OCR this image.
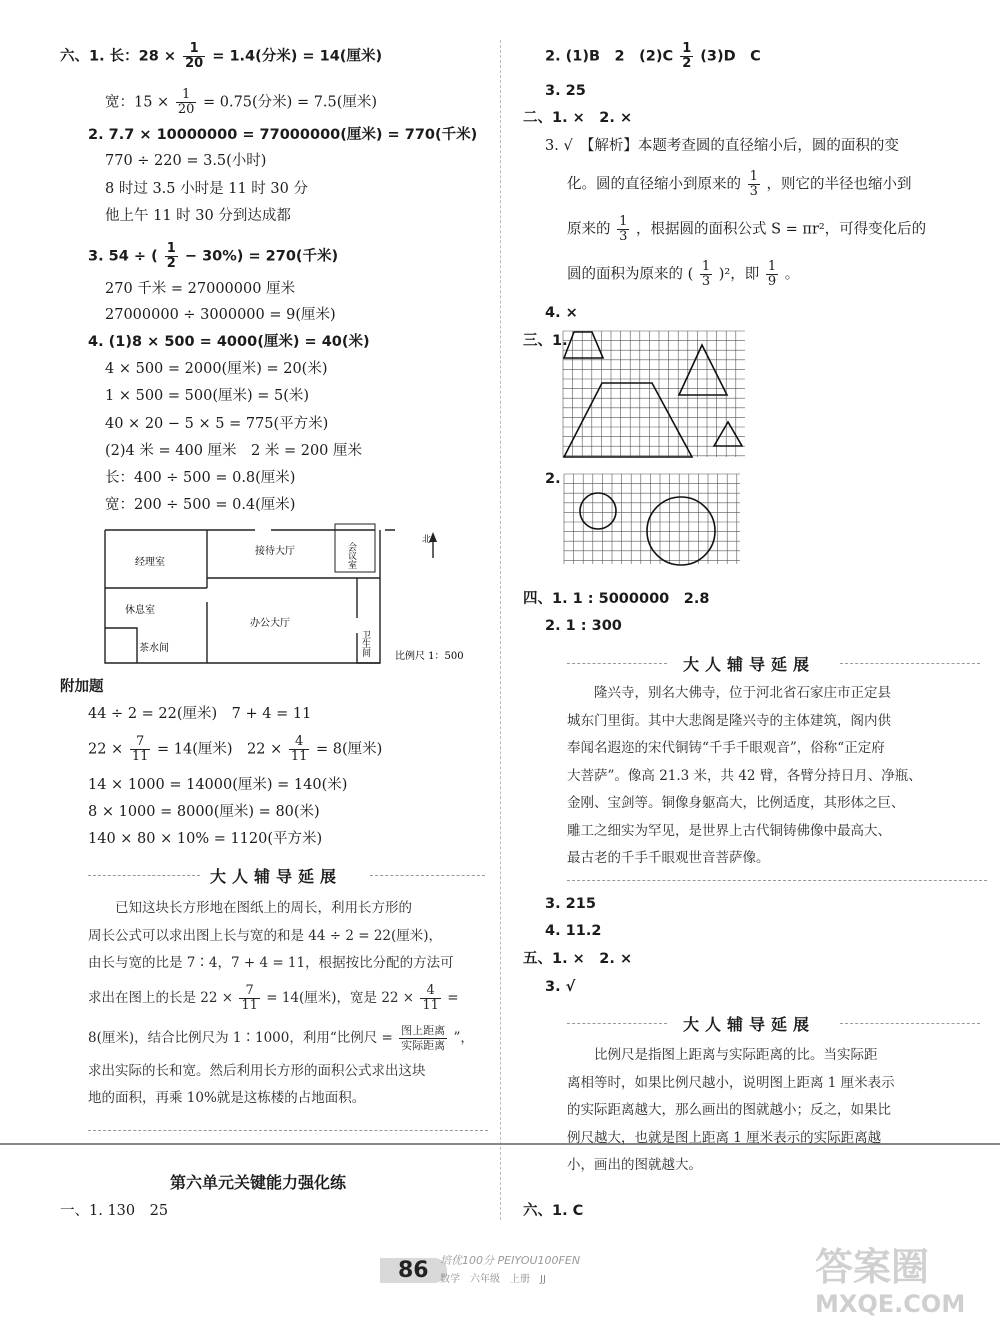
六、1. 长：$28 \times \frac{1}{20} = 1.4$(分米) = 14(厘米)
宽：$15 \times \frac{1}{20} = 0.75$(分米) = 7.5(厘米)
2. 7.7 × 10000000 = 77000000(厘米) = 770(千米)
770 ÷ 220 = 3.5(小时)
8 时过 3.5 小时是 11 时 30 分
他上午 11 时 30 分到达成都
3. 54 ÷ ( $\frac{1}{2} - 30\%) = 270$(千米)
270 千米 = 27000000 厘米
27000000 ÷ 3000000 = 9(厘米)
4. (1)8 × 500 = 4000(厘米) = 40(米)
4 × 500 = 2000(厘米) = 20(米)
1 × 500 = 500(厘米) = 5(米)
40 × 20 − 5 × 5 = 775(平方米)
(2)4 米 = 400 厘米　2 米 = 200 厘米
长：400 ÷ 500 = 0.8(厘米)
宽：200 ÷ 500 = 0.4(厘米)
经理室
接待大厅	会议室
休息室
办公大厅
卫生间
茶水间
北
比例尺 1：500
附加题
44 ÷ 2 = 22(厘米)　7 + 4 = 11
$22 \times \frac{7}{11} = 14$(厘米)　$22 \times \frac{4}{11} = 8$(厘米)
14 × 1000 = 14000(厘米) = 140(米)
8 × 1000 = 8000(厘米) = 80(米)
140 × 80 × 10% = 1120(平方米)
大人辅导延展
已知这块长方形地在图纸上的周长，利用长方形的
周长公式可以求出图上长与宽的和是 44 ÷ 2 = 22(厘米)，
由长与宽的比是 7∶4，7 + 4 = 11，根据按比分配的方法可
求出在图上的长是 $22 \times \frac{7}{11} = 14$(厘米)，宽是 $22 \times \frac{4}{11}$ =
8(厘米)，结合比例尺为 1∶1000，利用“比例尺 = 图上距离
实际距离 ”，
求出实际的长和宽。然后利用长方形的面积公式求出这块
地的面积，再乘 10%就是这栋楼的占地面积。
第六单元关键能力强化练
一、1. 130　25
2. (1)B　2　$(2)C \frac{1}{2} (3)D$　C
3. 25
二、1. ×　2. ×
3. √　【解析】本题考查圆的直径缩小后，圆的面积的变
化。圆的直径缩小到原来的 $\frac{1}{3}$ ，则它的半径也缩小到
原来的 $\frac{1}{3}$ ，根据圆的面积公式 S = πr²，可得变化后的
圆的面积为原来的 ( $\frac{1}{3} )^2$，即 $\frac{1}{9}$ 。
4. ×
三、1.
2.
四、1. 1 : 5000000　2.8
2. 1 : 300
大人辅导延展
隆兴寺，别名大佛寺，位于河北省石家庄市正定县
城东门里街。其中大悲阁是隆兴寺的主体建筑，阁内供
奉闻名遐迩的宋代铜铸“千手千眼观音”，俗称“正定府
大菩萨”。像高 21.3 米，共 42 臂，各臂分持日月、净瓶、
金刚、宝剑等。铜像身躯高大，比例适度，其形体之巨、
雕工之细实为罕见，是世界上古代铜铸佛像中最高大、
最古老的千手千眼观世音菩萨像。
3. 215
4. 11.2
五、1. ×　2. ×
3. √
大人辅导延展
比例尺是指图上距离与实际距离的比。当实际距
离相等时，如果比例尺越小，说明图上距离 1 厘米表示
的实际距离越大，那么画出的图就越小；反之，如果比
例尺越大，也就是图上距离 1 厘米表示的实际距离越
小，画出的图就越大。
六、1. C
86	培优100分 PEIYOU100FEN
数学　六年级　上册　JJ	答案圈
MXQE.COM
